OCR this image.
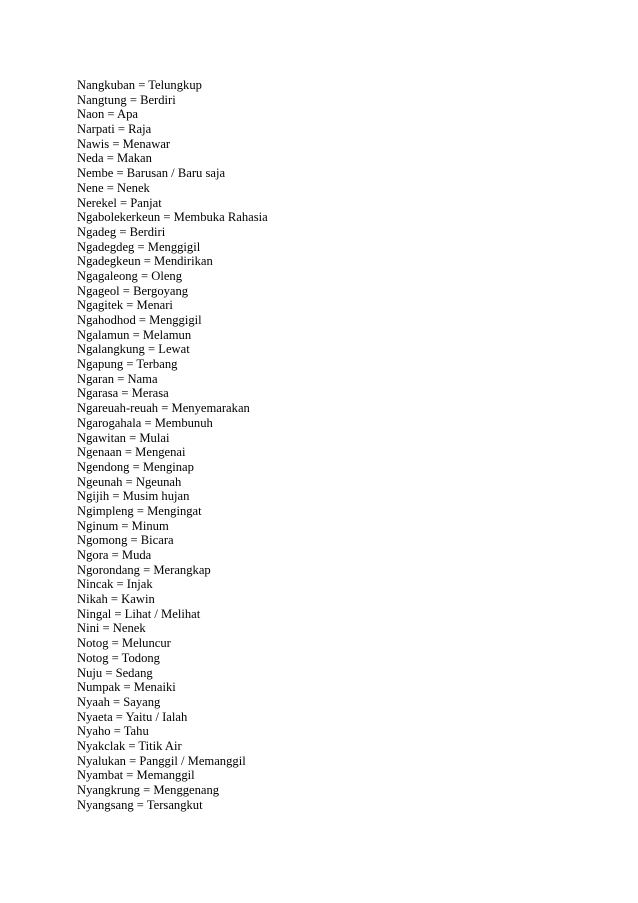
Nangkuban = Telungkup
Nangtung = Berdiri
Naon = Apa
Narpati = Raja
Nawis = Menawar
Neda = Makan
Nembe = Barusan / Baru saja
Nene = Nenek
Nerekel = Panjat
Ngabolekerkeun = Membuka Rahasia
Ngadeg = Berdiri
Ngadegdeg = Menggigil
Ngadegkeun = Mendirikan
Ngagaleong = Oleng
Ngageol = Bergoyang
Ngagitek = Menari
Ngahodhod = Menggigil
Ngalamun = Melamun
Ngalangkung = Lewat
Ngapung = Terbang
Ngaran = Nama
Ngarasa = Merasa
Ngareuah-reuah = Menyemarakan
Ngarogahala = Membunuh
Ngawitan = Mulai
Ngenaan = Mengenai
Ngendong = Menginap
Ngeunah = Ngeunah
Ngijih = Musim hujan
Ngimpleng = Mengingat
Nginum = Minum
Ngomong = Bicara
Ngora = Muda
Ngorondang = Merangkap
Nincak = Injak
Nikah = Kawin
Ningal = Lihat / Melihat
Nini = Nenek
Notog = Meluncur
Notog = Todong
Nuju = Sedang
Numpak = Menaiki
Nyaah = Sayang
Nyaeta = Yaitu / Ialah
Nyaho = Tahu
Nyakclak = Titik Air
Nyalukan = Panggil / Memanggil
Nyambat = Memanggil
Nyangkrung = Menggenang
Nyangsang = Tersangkut
